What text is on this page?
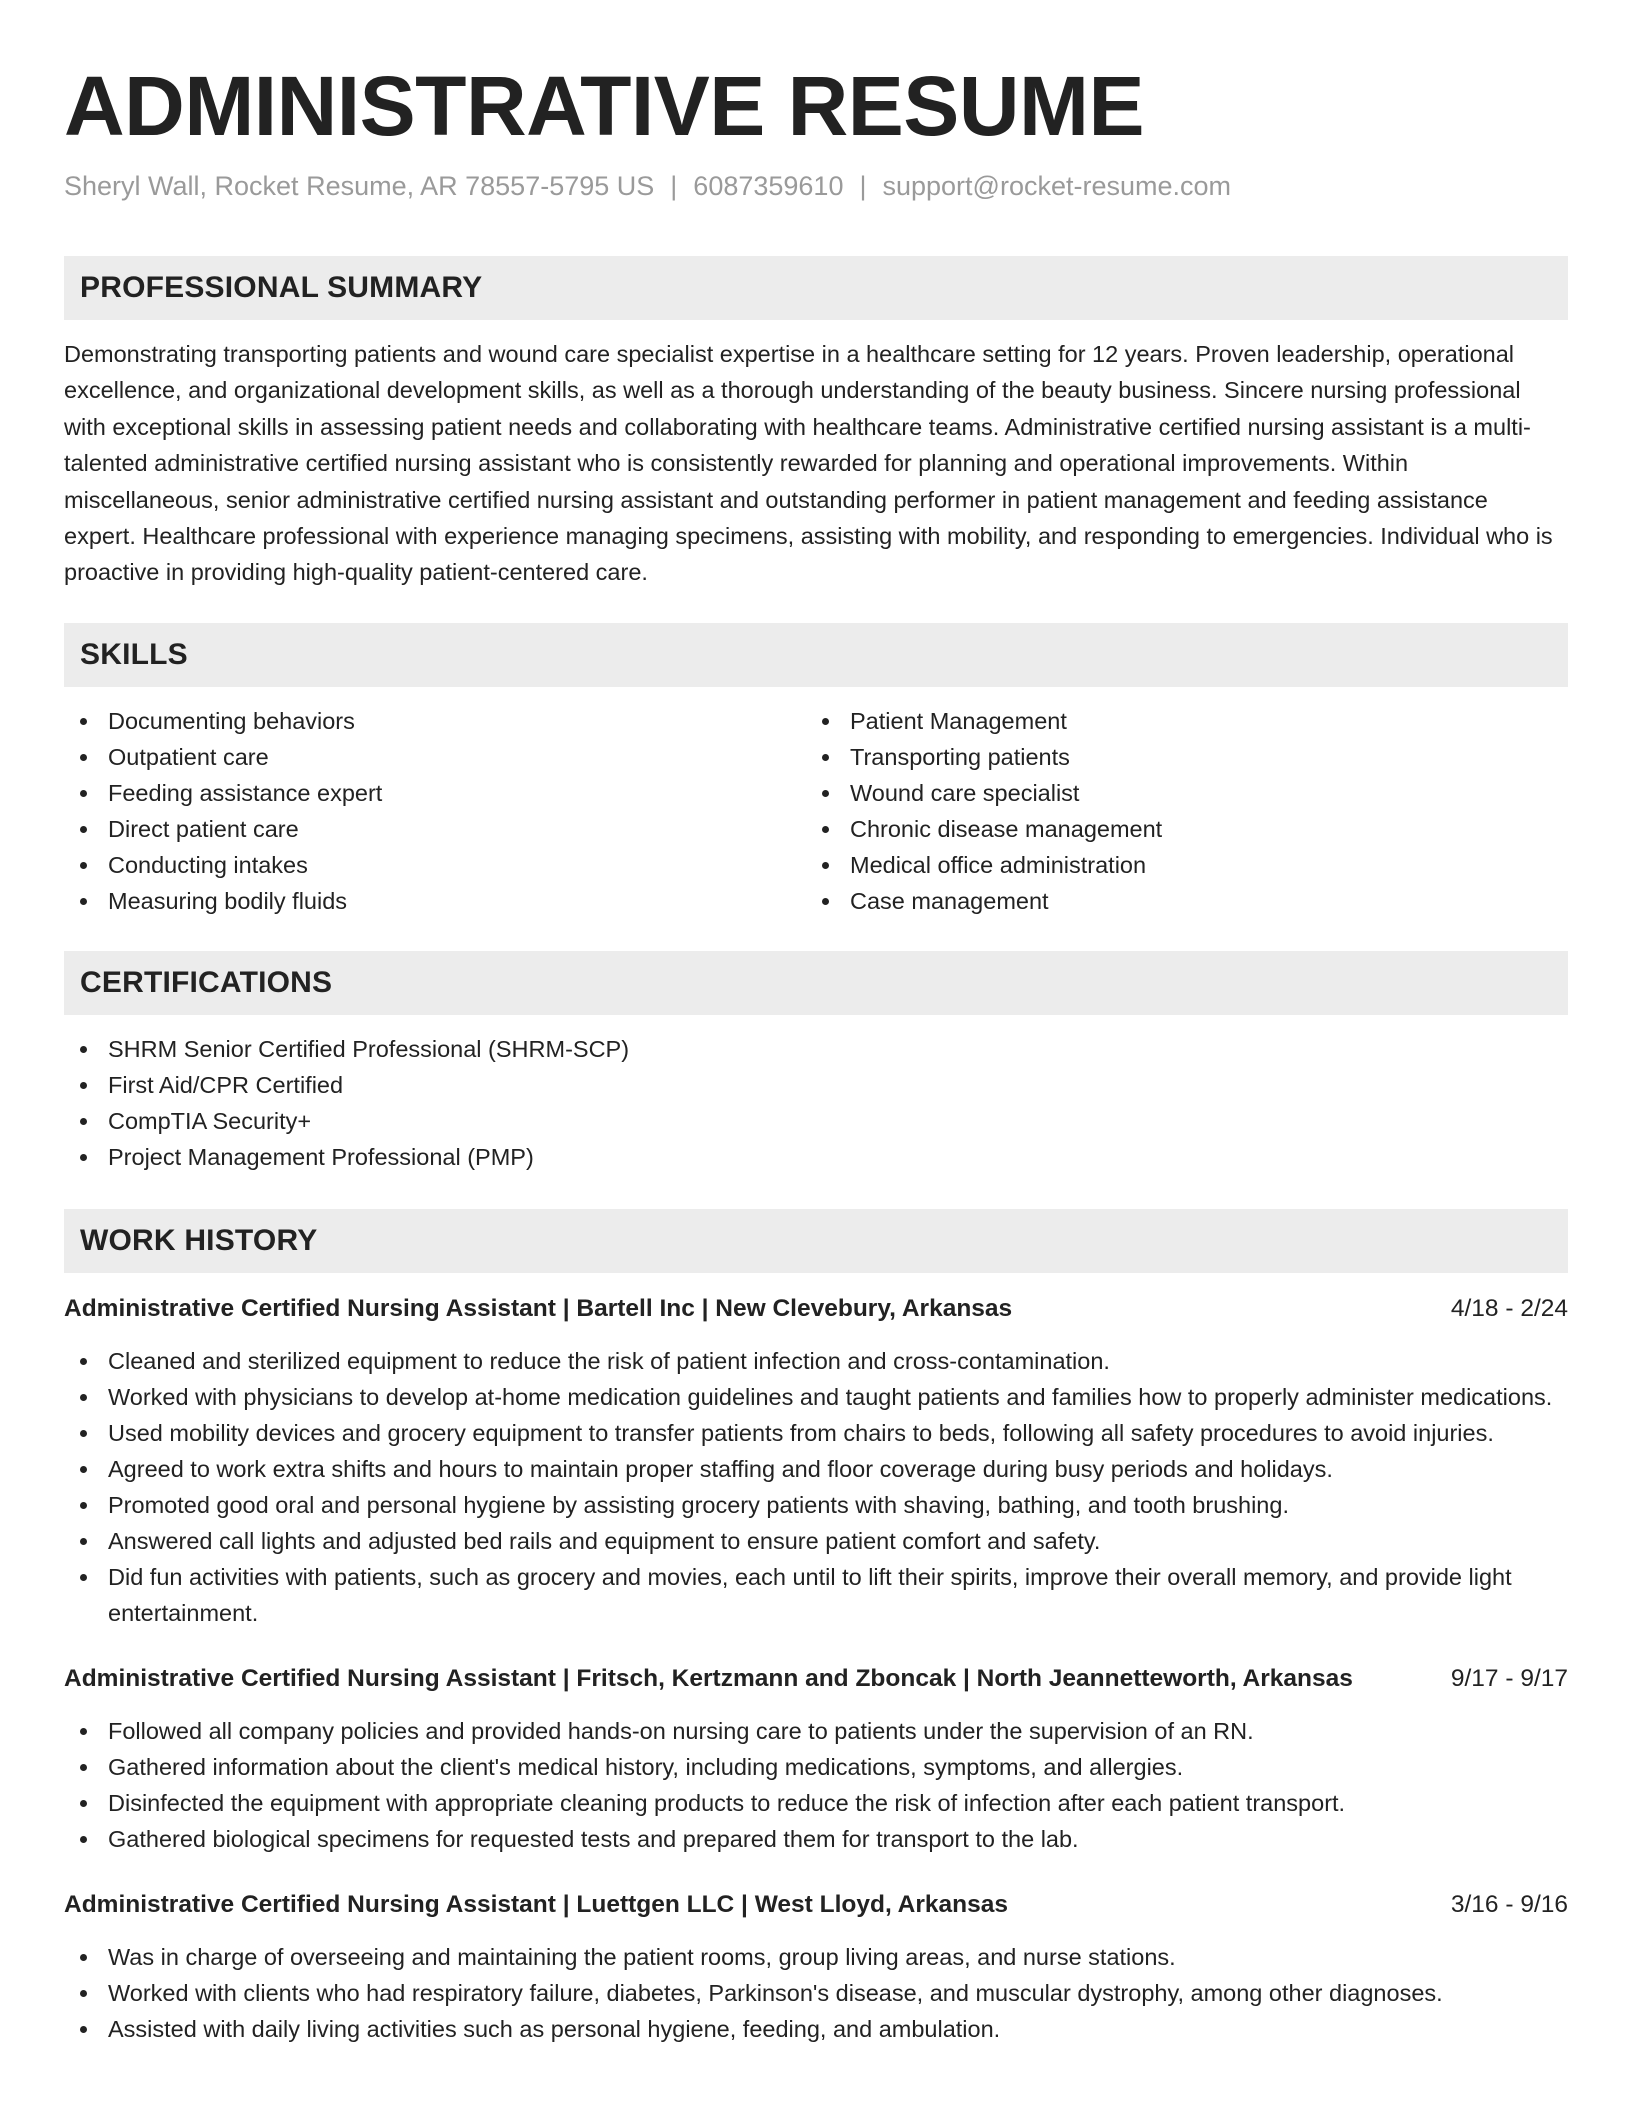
ADMINISTRATIVE RESUME
Sheryl Wall, Rocket Resume, AR 78557-5795 US | 6087359610 | support@rocket-resume.com
PROFESSIONAL SUMMARY

Demonstrating transporting patients and wound care specialist expertise in a healthcare setting for 12 years. Proven leadership, operational excellence, and organizational development skills, as well as a thorough understanding of the beauty business. Sincere nursing professional with exceptional skills in assessing patient needs and collaborating with healthcare teams. Administrative certified nursing assistant is a multi-talented administrative certified nursing assistant who is consistently rewarded for planning and operational improvements. Within miscellaneous, senior administrative certified nursing assistant and outstanding performer in patient management and feeding assistance expert. Healthcare professional with experience managing specimens, assisting with mobility, and responding to emergencies. Individual who is proactive in providing high-quality patient-centered care.

SKILLS
Documenting behaviors
Outpatient care
Feeding assistance expert
Direct patient care
Conducting intakes
Measuring bodily fluids
Patient Management
Transporting patients
Wound care specialist
Chronic disease management
Medical office administration
Case management
CERTIFICATIONS
SHRM Senior Certified Professional (SHRM-SCP)
First Aid/CPR Certified
CompTIA Security+
Project Management Professional (PMP)
WORK HISTORY
Administrative Certified Nursing Assistant | Bartell Inc | New Clevebury, Arkansas	4/18 - 2/24
Cleaned and sterilized equipment to reduce the risk of patient infection and cross-contamination.
Worked with physicians to develop at-home medication guidelines and taught patients and families how to properly administer medications.
Used mobility devices and grocery equipment to transfer patients from chairs to beds, following all safety procedures to avoid injuries.
Agreed to work extra shifts and hours to maintain proper staffing and floor coverage during busy periods and holidays.
Promoted good oral and personal hygiene by assisting grocery patients with shaving, bathing, and tooth brushing.
Answered call lights and adjusted bed rails and equipment to ensure patient comfort and safety.
Did fun activities with patients, such as grocery and movies, each until to lift their spirits, improve their overall memory, and provide light entertainment.
Administrative Certified Nursing Assistant | Fritsch, Kertzmann and Zboncak | North Jeannetteworth, Arkansas	9/17 - 9/17
Followed all company policies and provided hands-on nursing care to patients under the supervision of an RN.
Gathered information about the client's medical history, including medications, symptoms, and allergies.
Disinfected the equipment with appropriate cleaning products to reduce the risk of infection after each patient transport.
Gathered biological specimens for requested tests and prepared them for transport to the lab.
Administrative Certified Nursing Assistant | Luettgen LLC | West Lloyd, Arkansas	3/16 - 9/16
Was in charge of overseeing and maintaining the patient rooms, group living areas, and nurse stations.
Worked with clients who had respiratory failure, diabetes, Parkinson's disease, and muscular dystrophy, among other diagnoses.
Assisted with daily living activities such as personal hygiene, feeding, and ambulation.
